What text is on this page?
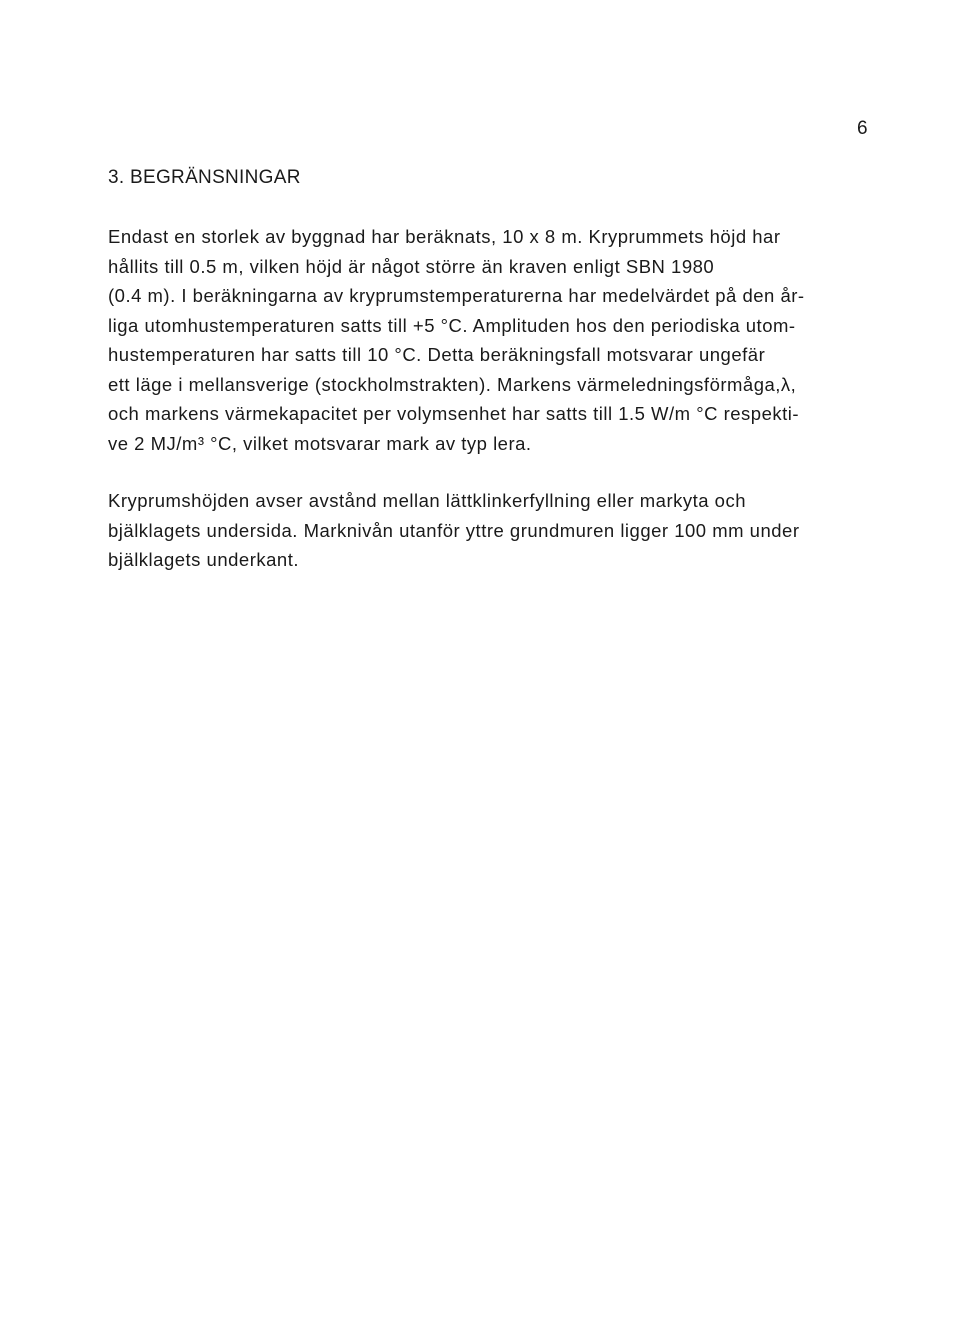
6
3. BEGRÄNSNINGAR
Endast en storlek av byggnad har beräknats, 10 x 8 m. Kryprummets höjd har
hållits till 0.5 m, vilken höjd är något större än kraven enligt SBN 1980
(0.4 m). I beräkningarna av kryprumstemperaturerna har medelvärdet på den år-
liga utomhustemperaturen satts till +5 °C. Amplituden hos den periodiska utom-
hustemperaturen har satts till 10 °C. Detta beräkningsfall motsvarar ungefär
ett läge i mellansverige (stockholmstrakten). Markens värmeledningsförmåga,λ,
och markens värmekapacitet per volymsenhet har satts till 1.5 W/m °C respekti-
ve 2 MJ/m³ °C, vilket motsvarar mark av typ lera.
Kryprumshöjden avser avstånd mellan lättklinkerfyllning eller markyta och
bjälklagets undersida. Marknivån utanför yttre grundmuren ligger 100 mm under
bjälklagets underkant.
